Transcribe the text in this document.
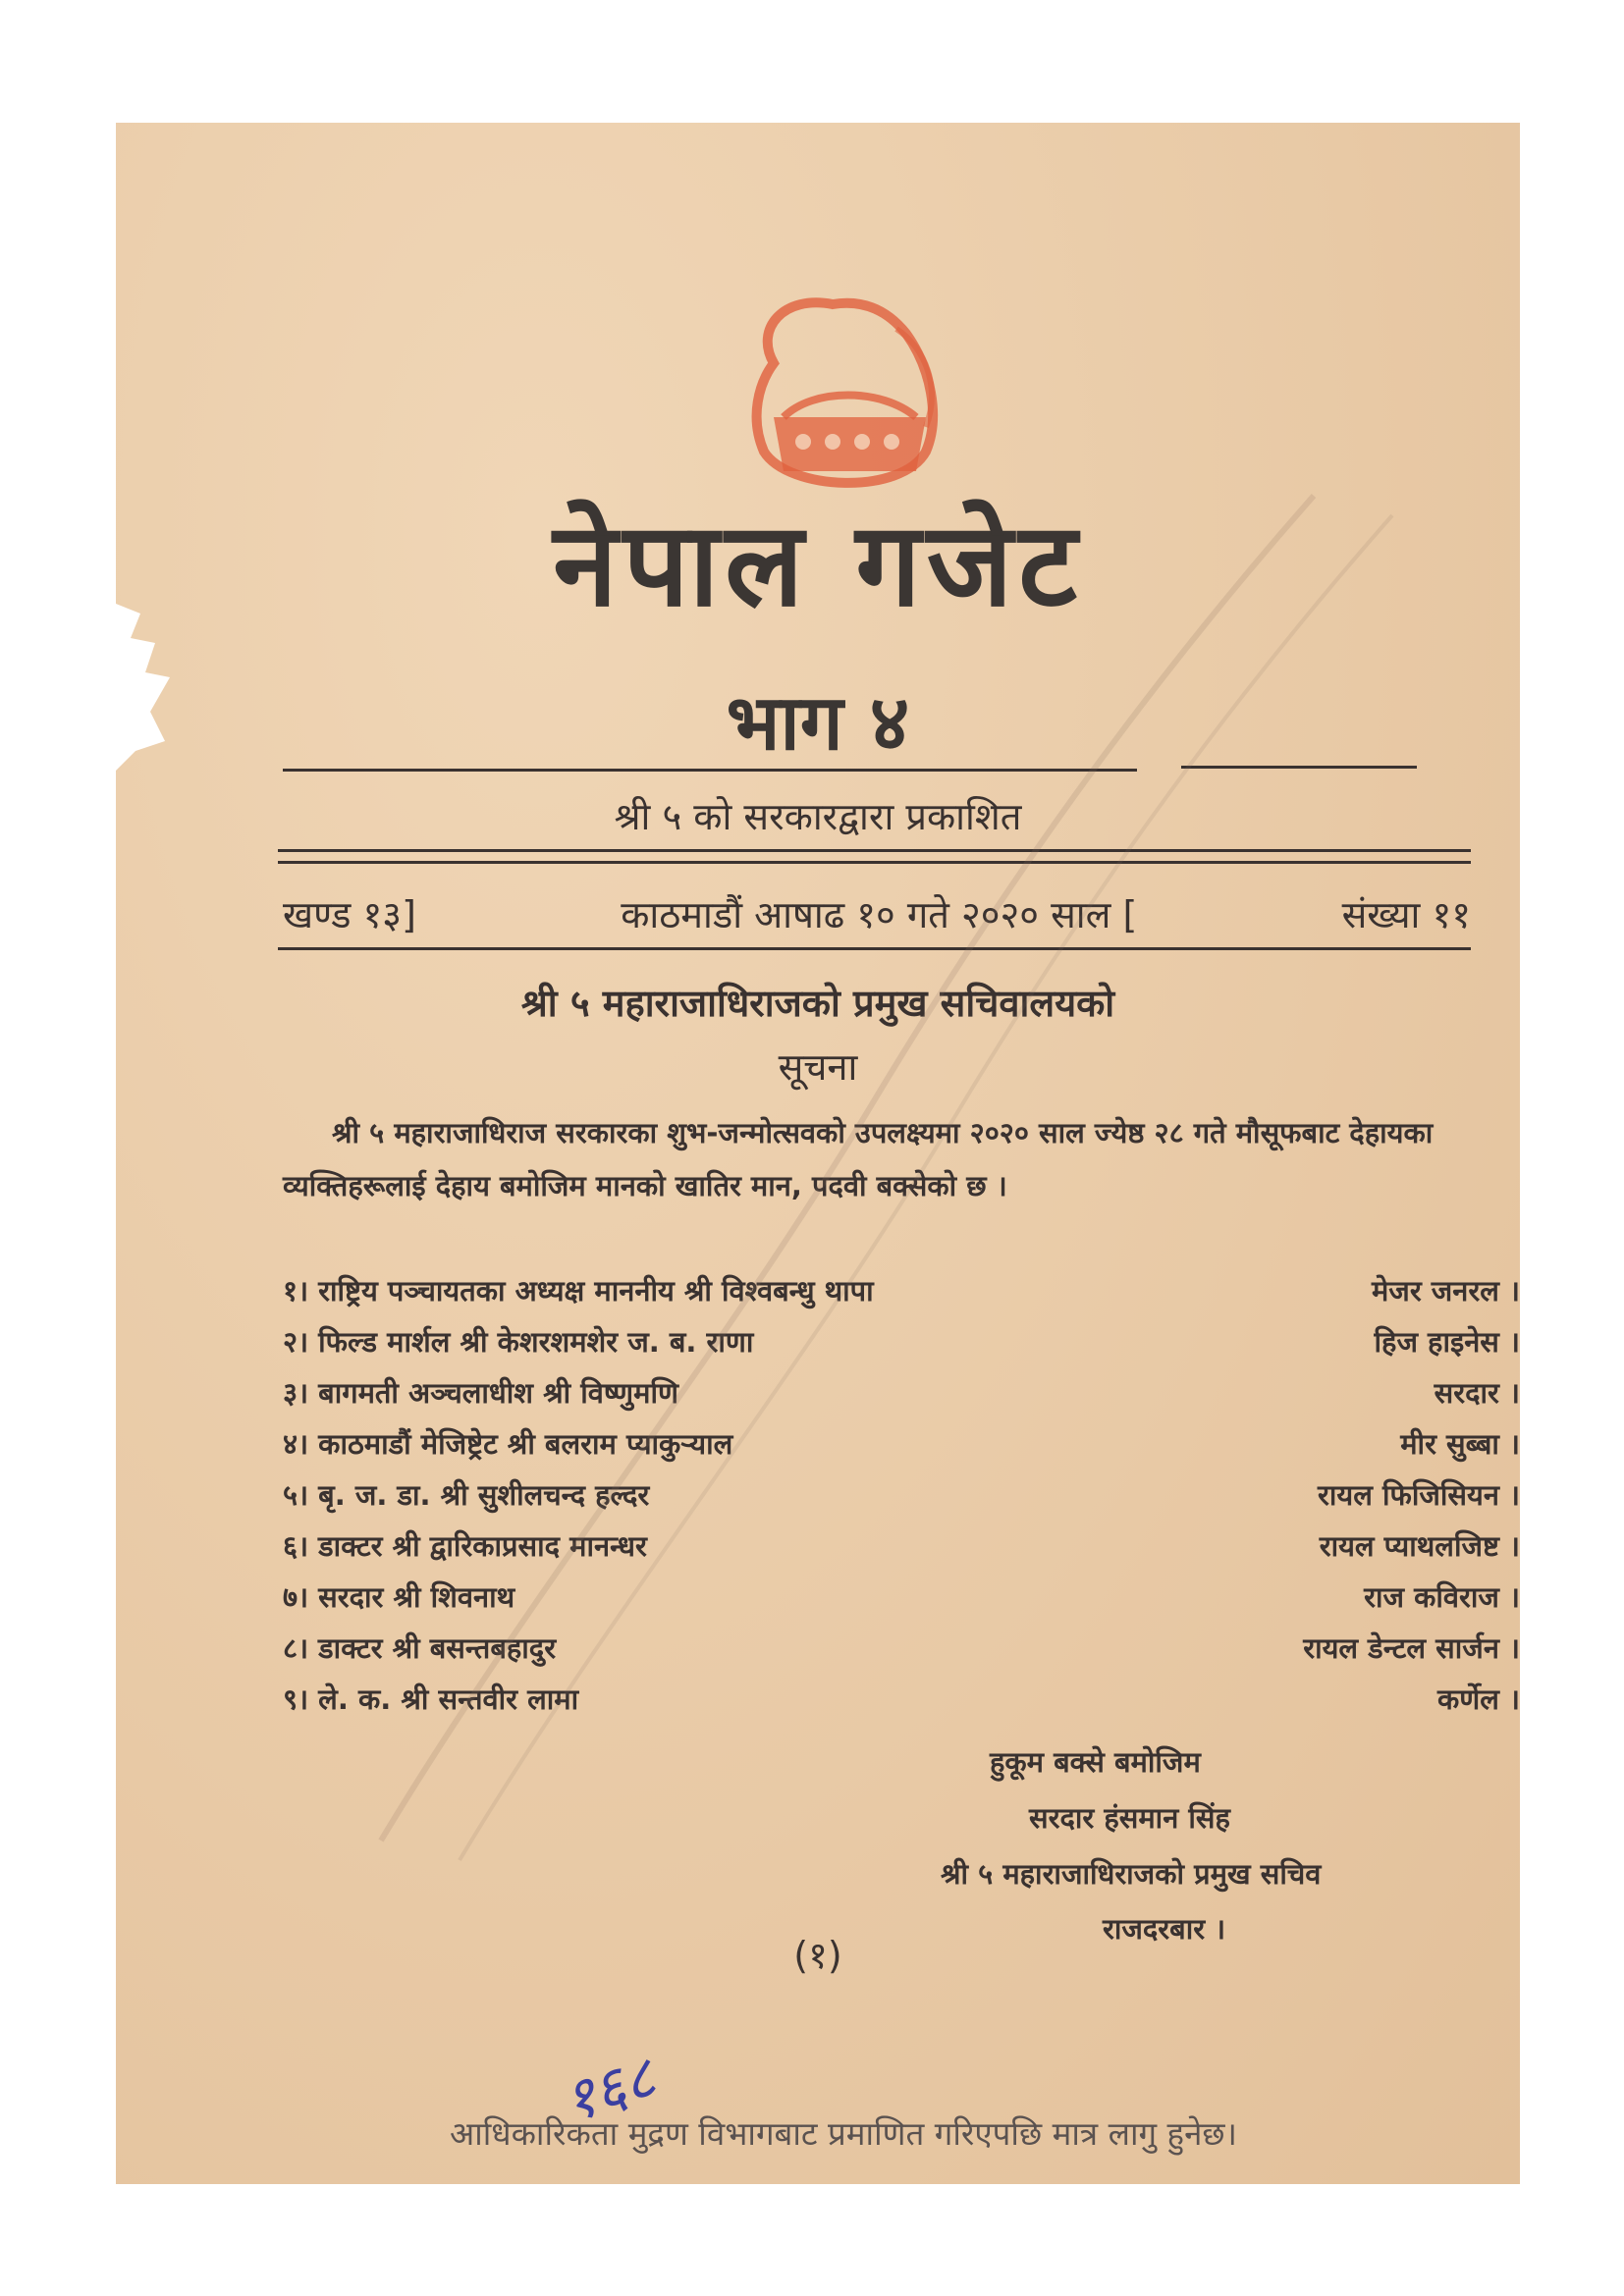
नेपाल गजेट
भाग ४
श्री ५ को सरकारद्वारा प्रकाशित
खण्ड १३]	काठमाडौं आषाढ १० गते २०२० साल [	संख्या ११
श्री ५ महाराजाधिराजको प्रमुख सचिवालयको
सूचना
श्री ५ महाराजाधिराज सरकारका शुभ-जन्मोत्सवको उपलक्ष्यमा २०२० साल ज्येष्ठ २८ गते मौसूफबाट देहायका व्यक्तिहरूलाई देहाय बमोजिम मानको खातिर मान, पदवी बक्सेको छ ।
१। राष्ट्रिय पञ्चायतका अध्यक्ष माननीय श्री विश्वबन्धु थापा	मेजर जनरल ।
२। फिल्ड मार्शल श्री केशरशमशेर ज. ब. राणा	हिज हाइनेस ।
३। बागमती अञ्चलाधीश श्री विष्णुमणि	सरदार ।
४। काठमाडौं मेजिष्ट्रेट श्री बलराम प्याकुर्‍याल	मीर सुब्बा ।
५। बृ. ज. डा. श्री सुशीलचन्द हल्दर	रायल फिजिसियन ।
६। डाक्टर श्री द्वारिकाप्रसाद मानन्धर	रायल प्याथलजिष्ट ।
७। सरदार श्री शिवनाथ	राज कविराज ।
८। डाक्टर श्री बसन्तबहादुर	रायल डेन्टल सार्जन ।
९। ले. क. श्री सन्तवीर लामा	कर्णेल ।
हुकूम बक्से बमोजिम
सरदार हंसमान सिंह
श्री ५ महाराजाधिराजको प्रमुख सचिव
राजदरबार ।
(१)
१६८
आधिकारिकता मुद्रण विभागबाट प्रमाणित गरिएपछि मात्र लागु हुनेछ।
